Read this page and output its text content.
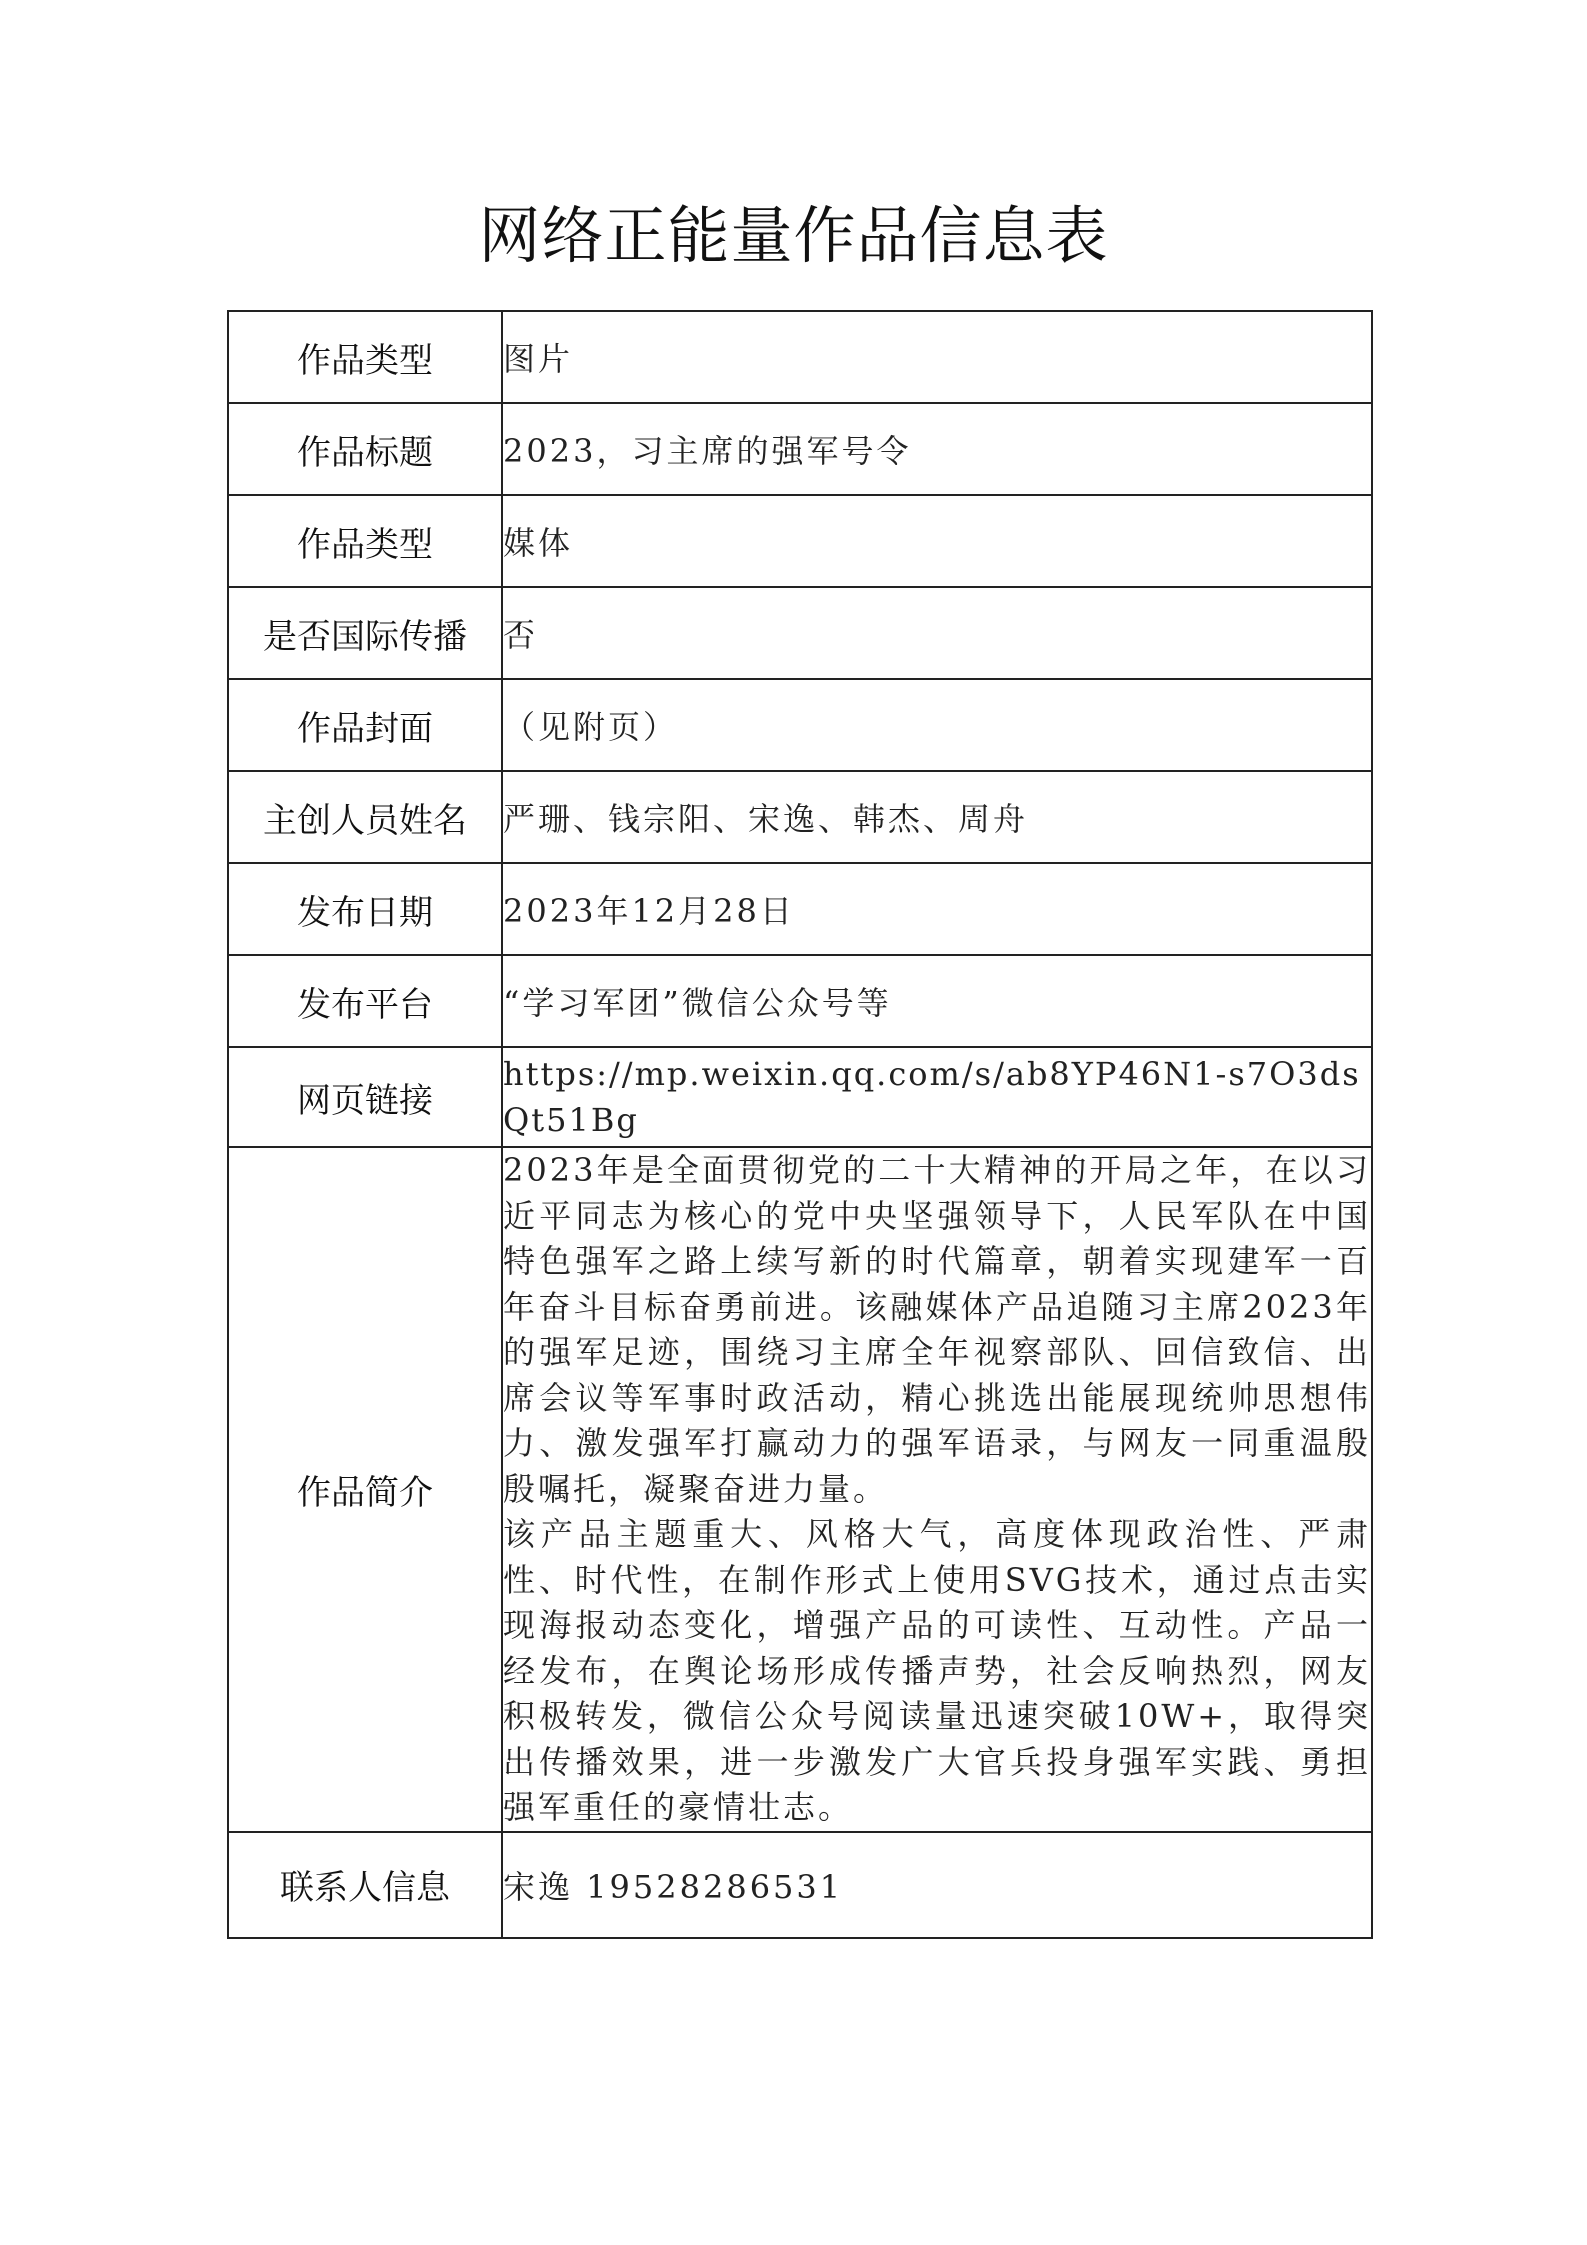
网络正能量作品信息表
作品类型	图片
作品标题	2023，习主席的强军号令
作品类型	媒体
是否国际传播	否
作品封面	（见附页）
主创人员姓名	严珊、钱宗阳、宋逸、韩杰、周舟
发布日期	2023年12月28日
发布平台	“学习军团”微信公众号等
网页链接	https://mp.weixin.qq.com/s/ab8YP46N1-s7O3dsQt51Bg

作品简介	2023年是全面贯彻党的二十大精神的开局之年，在以习近平同志为核心的党中央坚强领导下，人民军队在中国特色强军之路上续写新的时代篇章，朝着实现建军一百年奋斗目标奋勇前进。该融媒体产品追随习主席2023年的强军足迹，围绕习主席全年视察部队、回信致信、出席会议等军事时政活动，精心挑选出能展现统帅思想伟力、激发强军打赢动力的强军语录，与网友一同重温殷殷嘱托，凝聚奋进力量。

该产品主题重大、风格大气，高度体现政治性、严肃性、时代性，在制作形式上使用SVG技术，通过点击实现海报动态变化，增强产品的可读性、互动性。产品一经发布，在舆论场形成传播声势，社会反响热烈，网友积极转发，微信公众号阅读量迅速突破10W+，取得突出传播效果，进一步激发广大官兵投身强军实践、勇担强军重任的豪情壮志。

联系人信息	宋逸 19528286531
